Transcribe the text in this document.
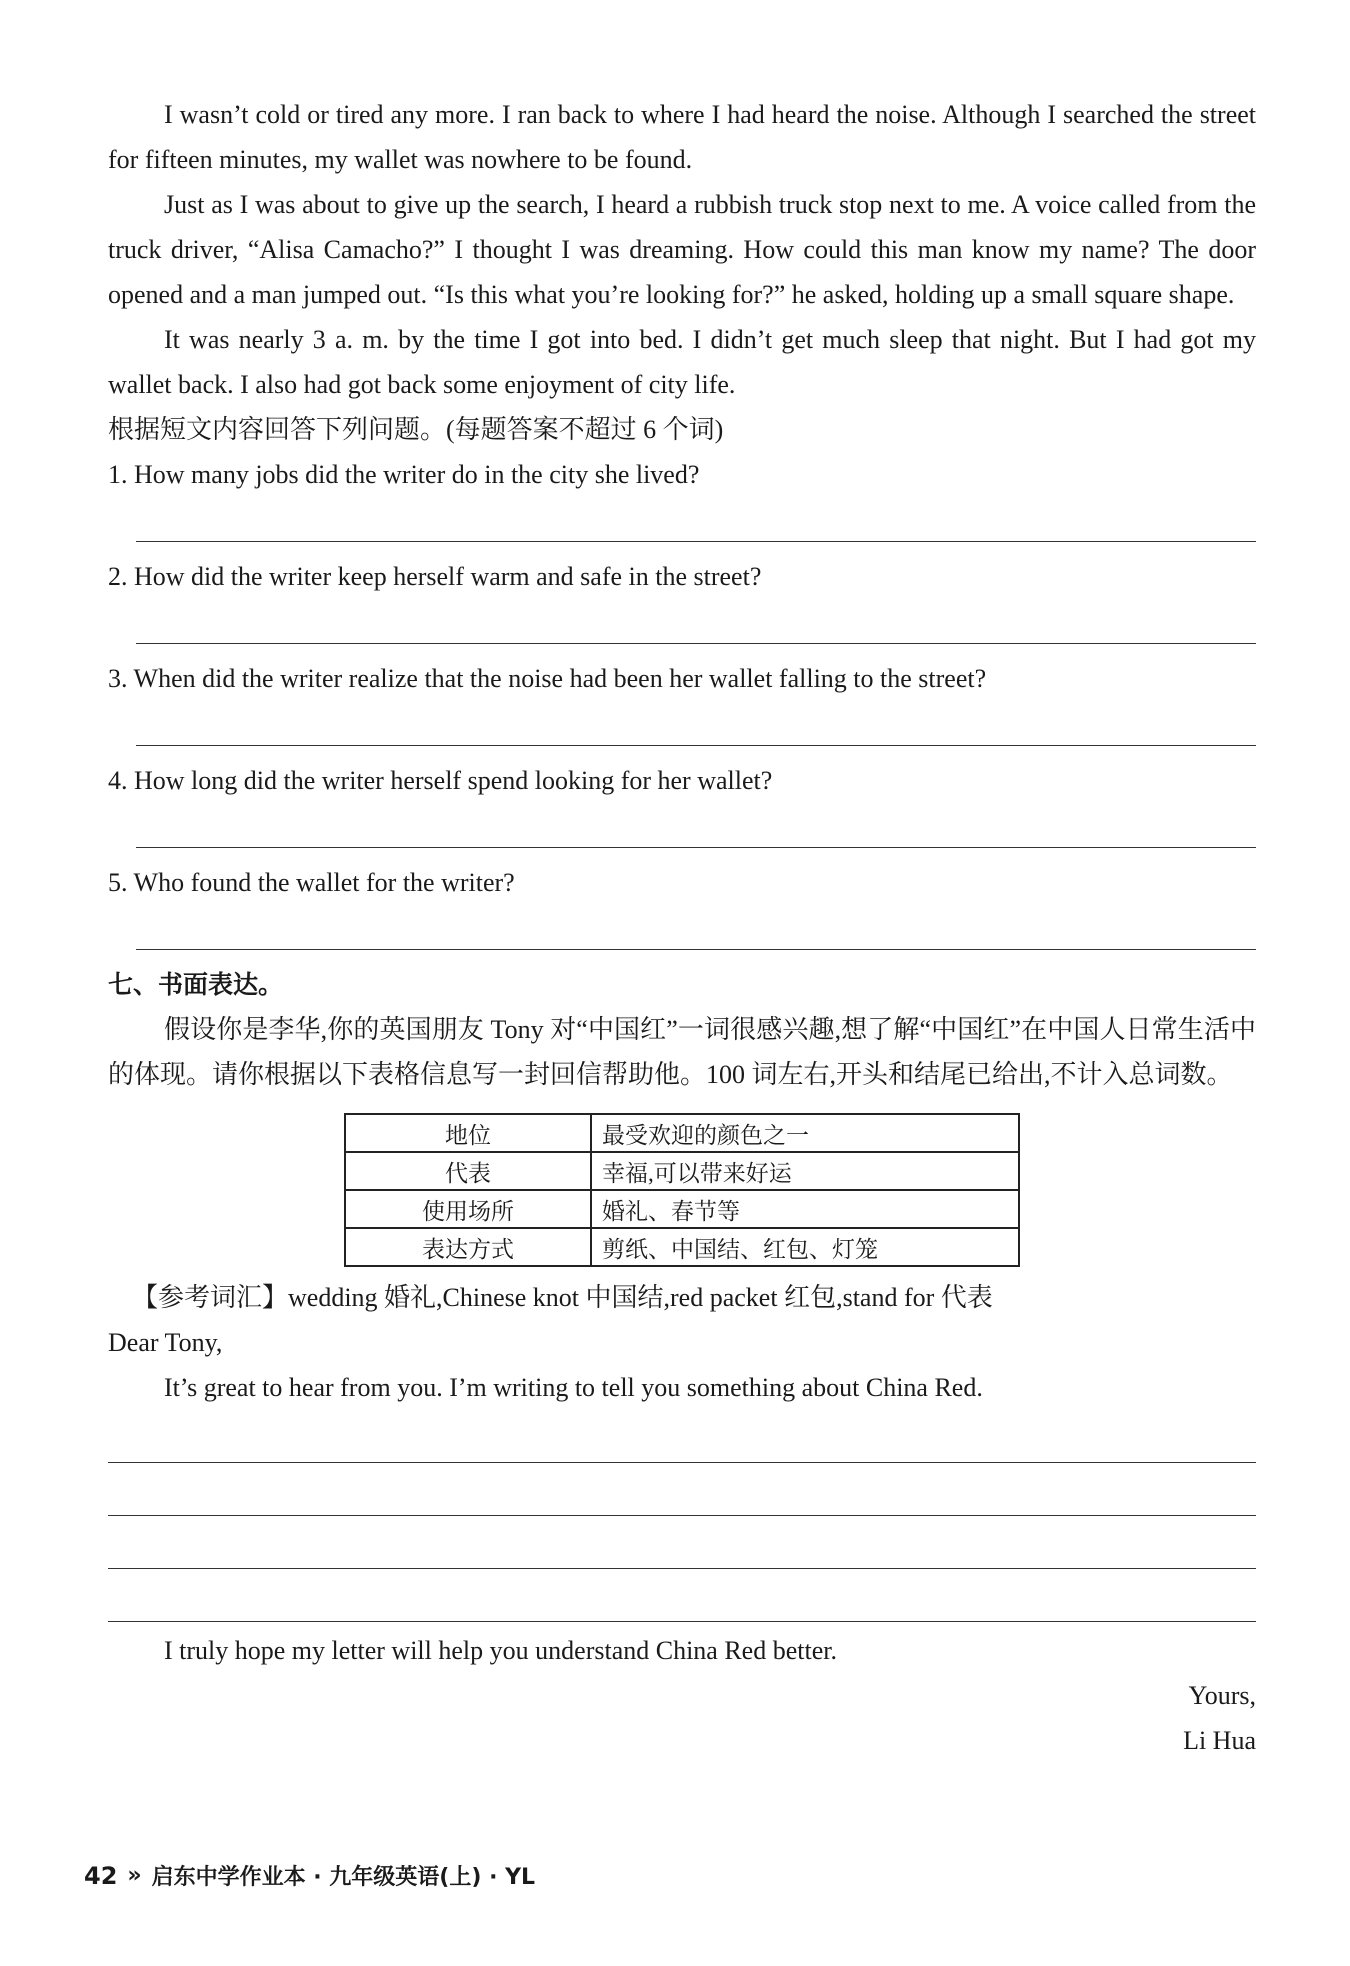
I wasn’t cold or tired any more. I ran back to where I had heard the noise. Although I searched the street for fifteen minutes, my wallet was nowhere to be found.

Just as I was about to give up the search, I heard a rubbish truck stop next to me. A voice called from the truck driver, “Alisa Camacho?” I thought I was dreaming. How could this man know my name? The door opened and a man jumped out. “Is this what you’re looking for?” he asked, holding up a small square shape.

It was nearly 3 a. m. by the time I got into bed. I didn’t get much sleep that night. But I had got my wallet back. I also had got back some enjoyment of city life.

根据短文内容回答下列问题。(每题答案不超过 6 个词)

1. How many jobs did the writer do in the city she lived?

2. How did the writer keep herself warm and safe in the street?

3. When did the writer realize that the noise had been her wallet falling to the street?

4. How long did the writer herself spend looking for her wallet?

5. Who found the wallet for the writer?

七、书面表达。

假设你是李华,你的英国朋友 Tony 对“中国红”一词很感兴趣,想了解“中国红”在中国人日常生活中的体现。请你根据以下表格信息写一封回信帮助他。100 词左右,开头和结尾已给出,不计入总词数。

地位	最受欢迎的颜色之一
代表	幸福,可以带来好运
使用场所	婚礼、春节等
表达方式	剪纸、中国结、红包、灯笼

【参考词汇】wedding 婚礼,Chinese knot 中国结,red packet 红包,stand for 代表

Dear Tony,

It’s great to hear from you. I’m writing to tell you something about China Red.

I truly hope my letter will help you understand China Red better.

Yours,

Li Hua

42 » 启东中学作业本 · 九年级英语(上) · YL
